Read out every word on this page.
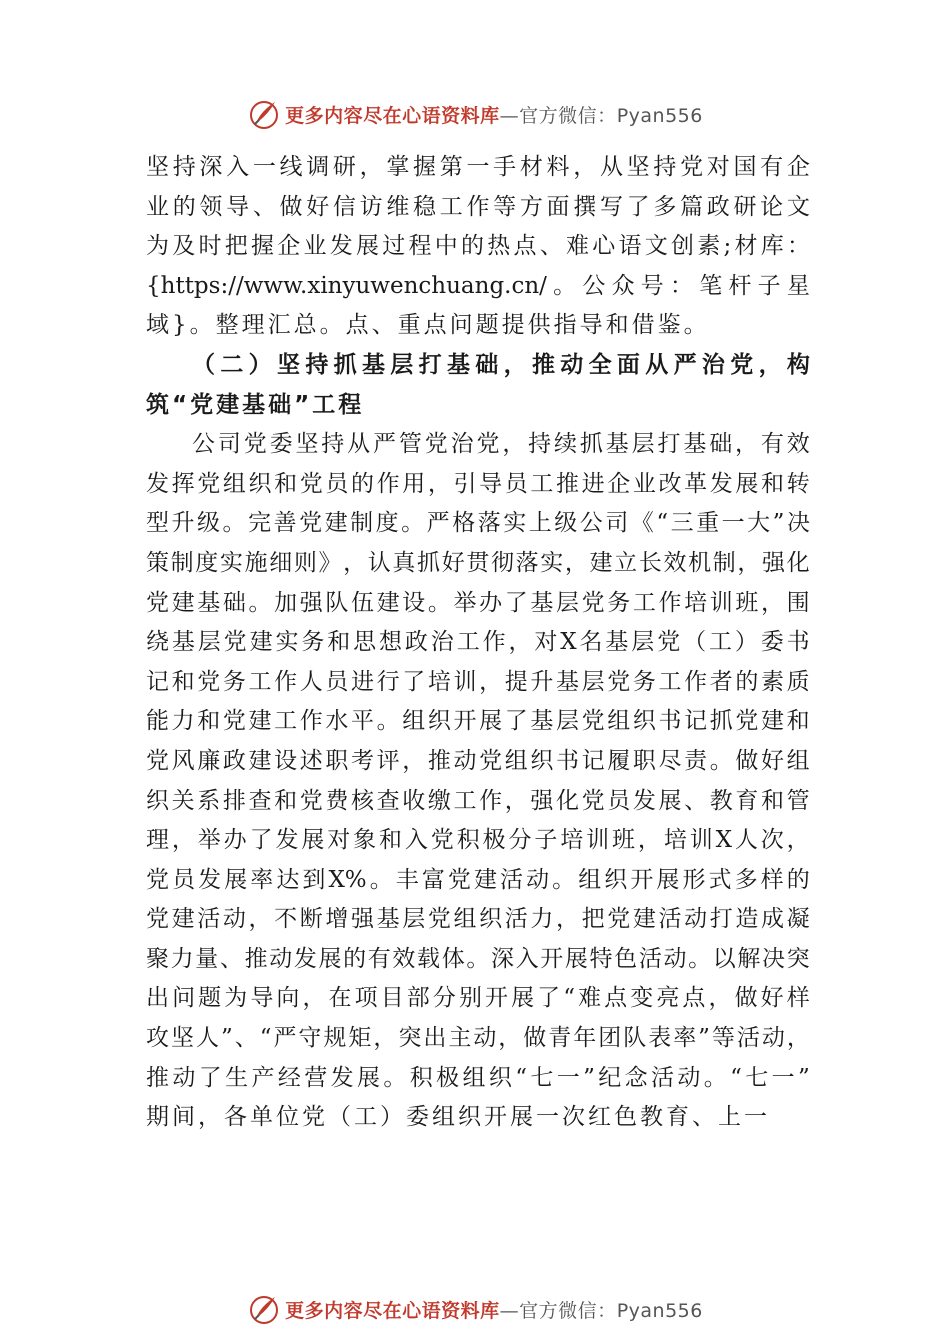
更多内容尽在心语资料库—官方微信：Pyan556
坚 持 深 入 一 线 调 研 ， 掌 握 第 一 手 材 料 ， 从 坚 持 党 对 国 有 企
业 的 领 导 、 做 好 信 访 维 稳 工 作 等 方 面 撰 写 了 多 篇 政 研 论 文
为 及 时 把 握 企 业 发 展 过 程 中 的 热 点 、 难 心 语 文 创 素 ; 材 库 ：
{https://www.xinyuwenchuang.cn/ 。 公 众 号 ： 笔 杆 子 星
域}。整理汇总。点、重点问题提供指导和借鉴。
（ 二 ） 坚 持 抓 基 层 打 基 础 ， 推 动 全 面 从 严 治 党 ， 构
筑“党建基础”工程
公 司 党 委 坚 持 从 严 管 党 治 党 ， 持 续 抓 基 层 打 基 础 ， 有 效
发 挥 党 组 织 和 党 员 的 作 用 ， 引 导 员 工 推 进 企 业 改 革 发 展 和 转
型 升 级 。 完 善 党 建 制 度 。 严 格 落 实 上 级 公 司 《 “ 三 重 一 大 ” 决
策 制 度 实 施 细 则 》 ， 认 真 抓 好 贯 彻 落 实 ， 建 立 长 效 机 制 ， 强 化
党 建 基 础 。 加 强 队 伍 建 设 。 举 办 了 基 层 党 务 工 作 培 训 班 ， 围
绕 基 层 党 建 实 务 和 思 想 政 治 工 作 ， 对 X 名 基 层 党 （ 工 ） 委 书
记 和 党 务 工 作 人 员 进 行 了 培 训 ， 提 升 基 层 党 务 工 作 者 的 素 质
能 力 和 党 建 工 作 水 平 。 组 织 开 展 了 基 层 党 组 织 书 记 抓 党 建 和
党 风 廉 政 建 设 述 职 考 评 ， 推 动 党 组 织 书 记 履 职 尽 责 。 做 好 组
织 关 系 排 查 和 党 费 核 查 收 缴 工 作 ， 强 化 党 员 发 展 、 教 育 和 管
理 ， 举 办 了 发 展 对 象 和 入 党 积 极 分 子 培 训 班 ， 培 训 X 人 次 ，
党 员 发 展 率 达 到 X% 。 丰 富 党 建 活 动 。 组 织 开 展 形 式 多 样 的
党 建 活 动 ， 不 断 增 强 基 层 党 组 织 活 力 ， 把 党 建 活 动 打 造 成 凝
聚 力 量 、 推 动 发 展 的 有 效 载 体 。 深 入 开 展 特 色 活 动 。 以 解 决 突
出 问 题 为 导 向 ， 在 项 目 部 分 别 开 展 了 “ 难 点 变 亮 点 ， 做 好 样
攻 坚 人 ” 、 “ 严 守 规 矩 ， 突 出 主 动 ， 做 青 年 团 队 表 率 ” 等 活 动 ，
推 动 了 生 产 经 营 发 展 。 积 极 组 织 “ 七 一 ” 纪 念 活 动 。 “ 七 一 ”
期间，各单位党（工）委组织开展一次红色教育、上一
更多内容尽在心语资料库—官方微信：Pyan556
